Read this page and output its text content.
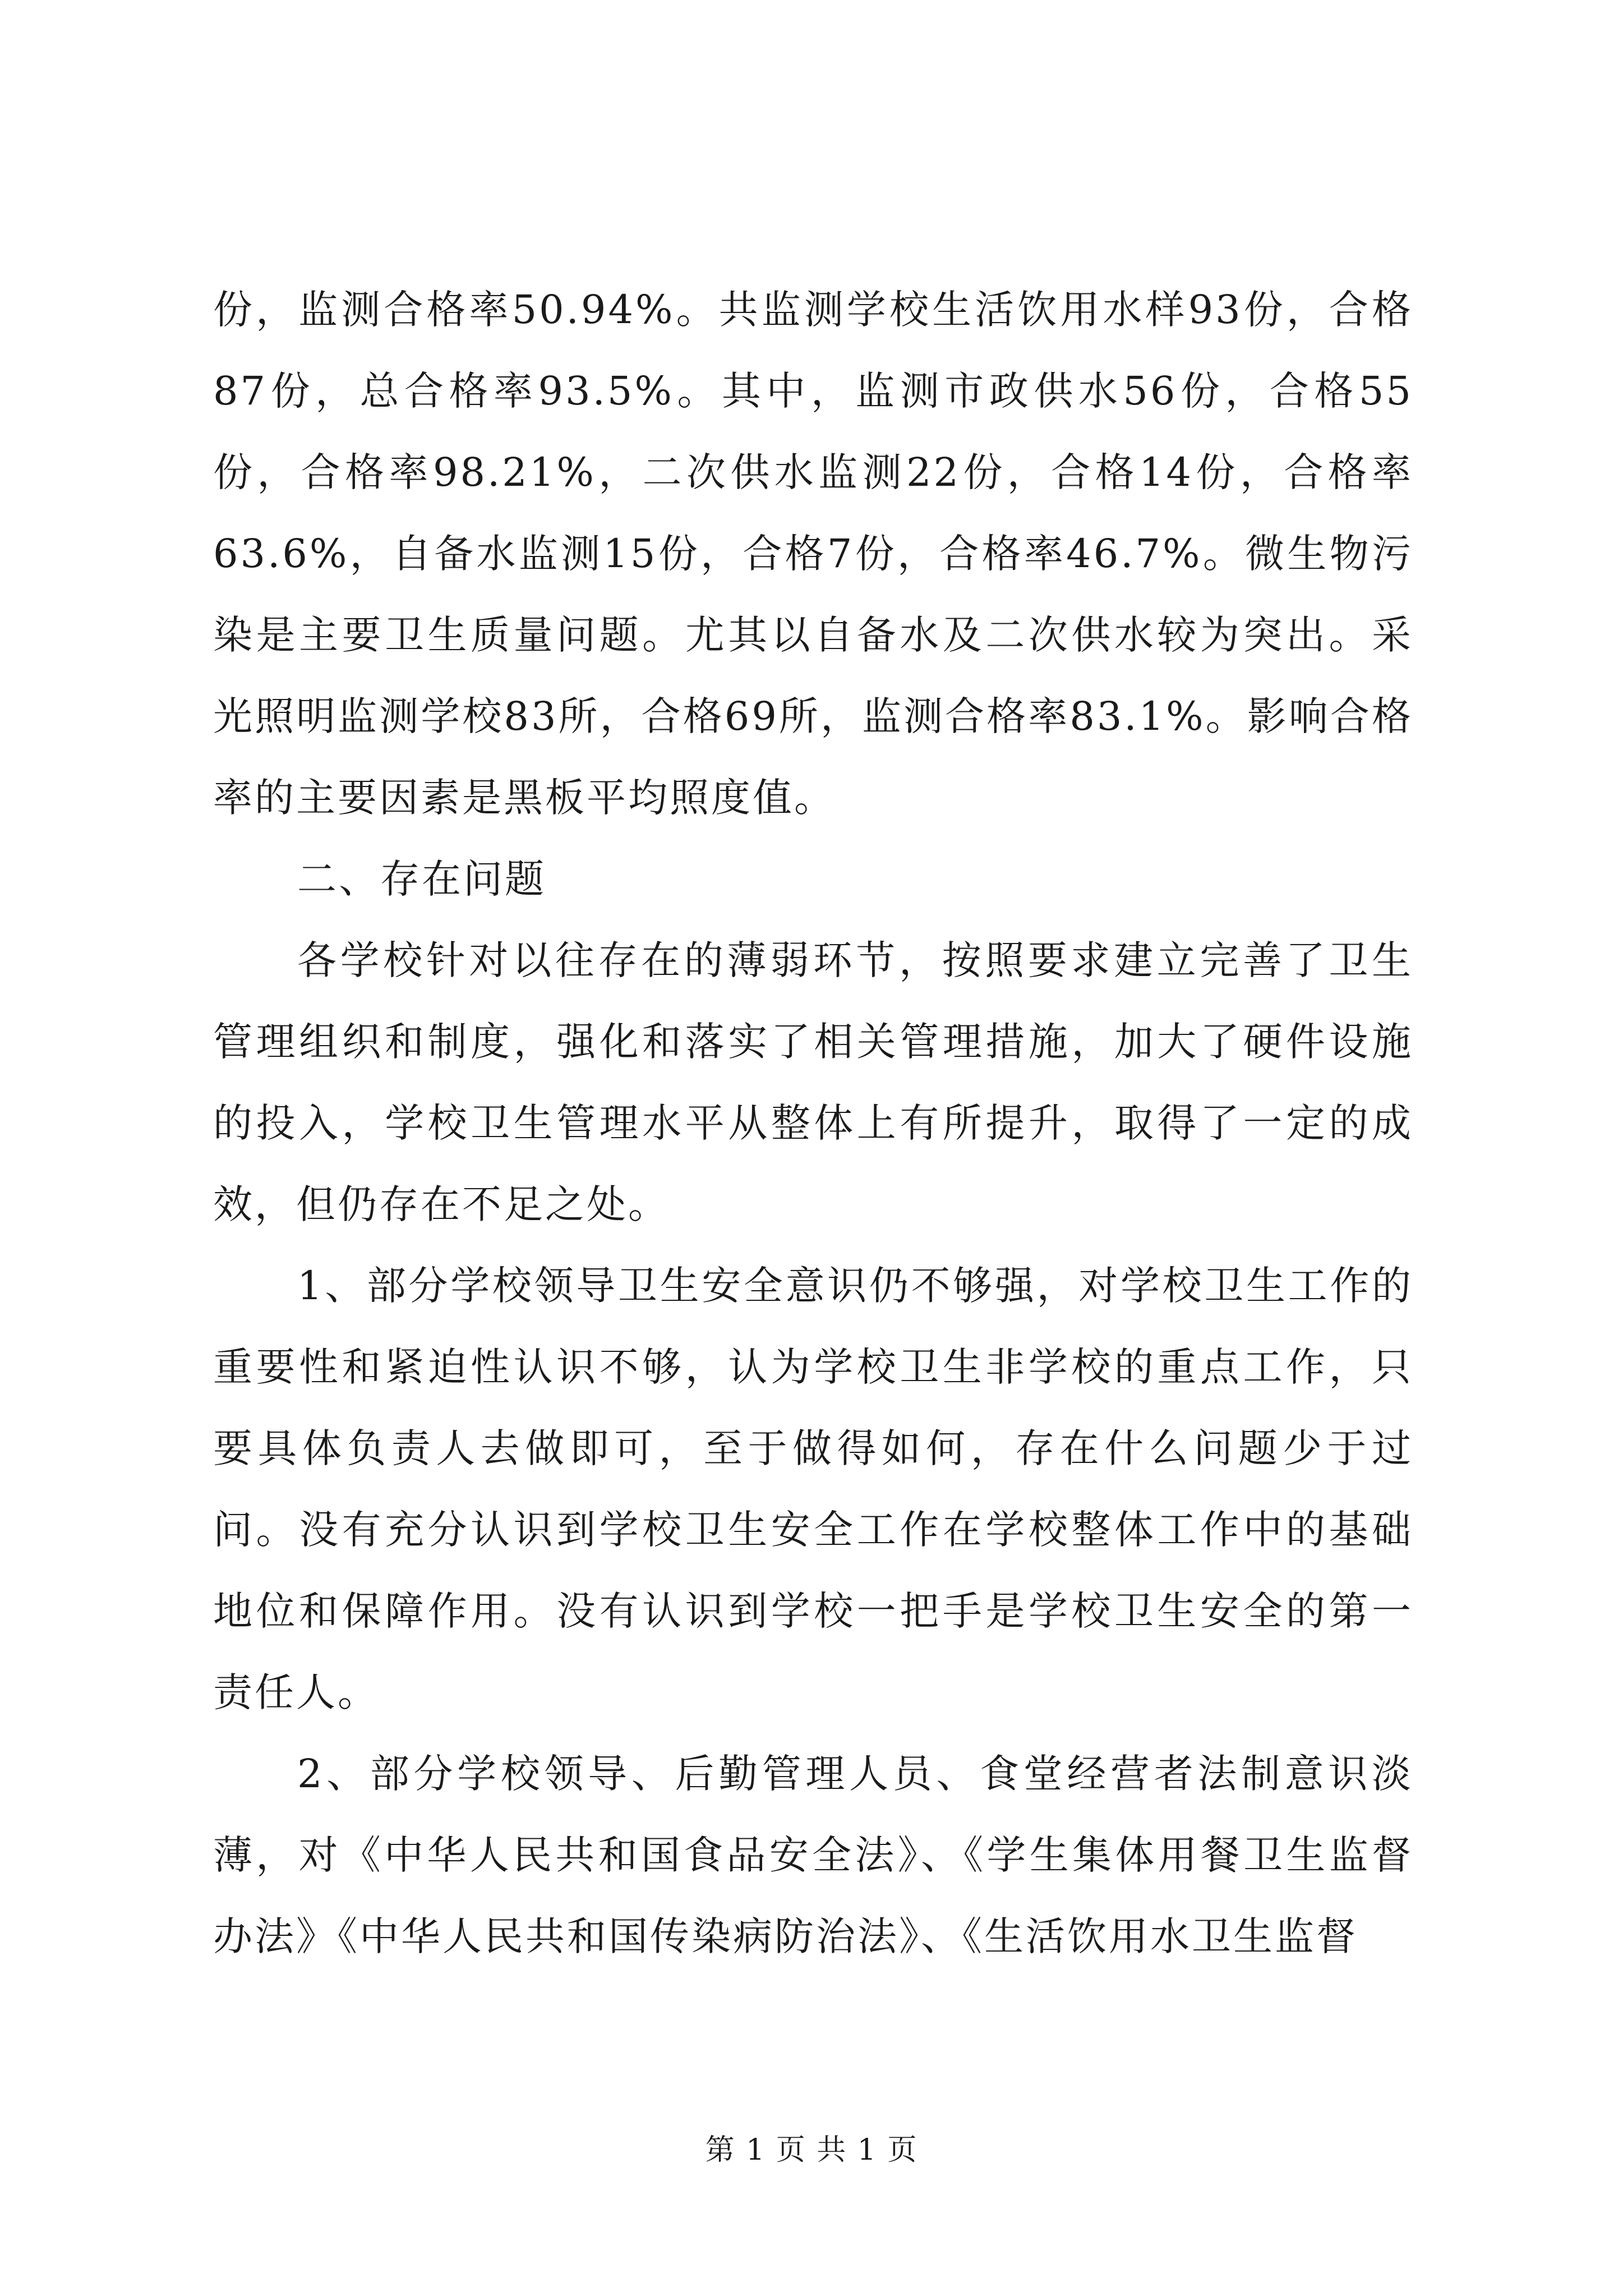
份，监测合格率50.94%。共监测学校生活饮用水样93份，合格87份，总合格率93.5%。其中，监测市政供水56份，合格55份，合格率98.21%，二次供水监测22份，合格14份，合格率63.6%，自备水监测15份，合格7份，合格率46.7%。微生物污染是主要卫生质量问题。尤其以自备水及二次供水较为突出。采光照明监测学校83所，合格69所，监测合格率83.1%。影响合格率的主要因素是黑板平均照度值。

二、存在问题

各学校针对以往存在的薄弱环节，按照要求建立完善了卫生管理组织和制度，强化和落实了相关管理措施，加大了硬件设施的投入，学校卫生管理水平从整体上有所提升，取得了一定的成效，但仍存在不足之处。

1、部分学校领导卫生安全意识仍不够强，对学校卫生工作的重要性和紧迫性认识不够，认为学校卫生非学校的重点工作，只要具体负责人去做即可，至于做得如何，存在什么问题少于过问。没有充分认识到学校卫生安全工作在学校整体工作中的基础地位和保障作用。没有认识到学校一把手是学校卫生安全的第一责任人。

2、部分学校领导、后勤管理人员、食堂经营者法制意识淡薄，对《中华人民共和国食品安全法》、《学生集体用餐卫生监督办法》《中华人民共和国传染病防治法》、《生活饮用水卫生监督

第 1 页 共 1 页
